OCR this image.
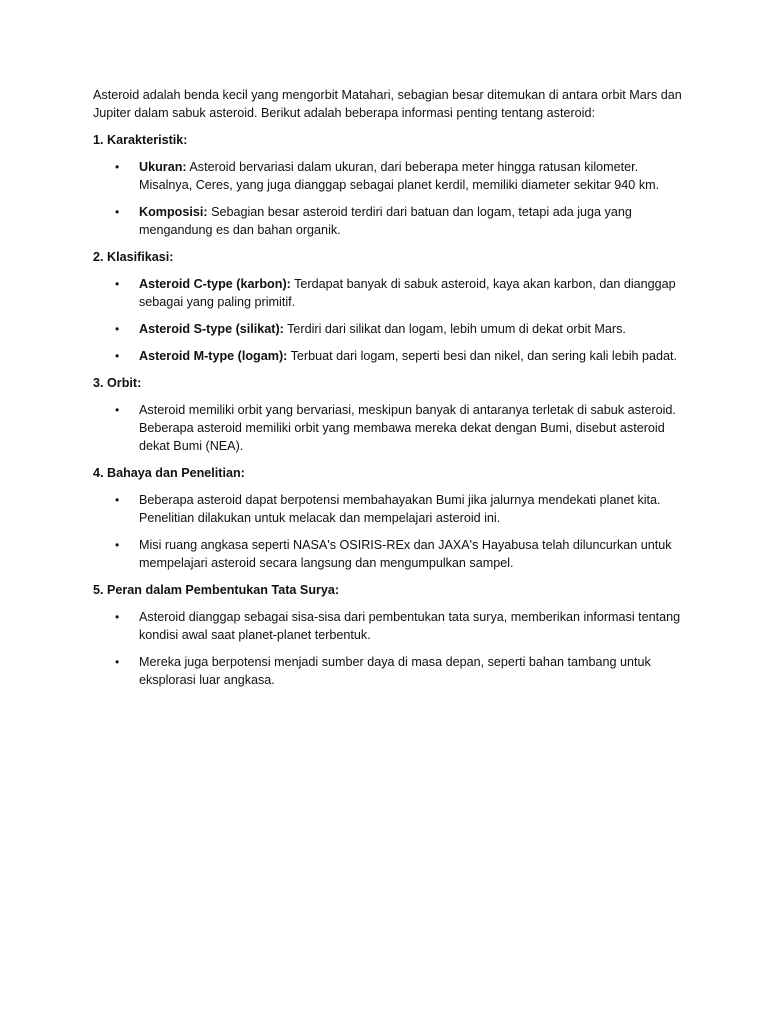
Asteroid adalah benda kecil yang mengorbit Matahari, sebagian besar ditemukan di antara orbit Mars dan Jupiter dalam sabuk asteroid. Berikut adalah beberapa informasi penting tentang asteroid:

1. Karakteristik:

• Ukuran: Asteroid bervariasi dalam ukuran, dari beberapa meter hingga ratusan kilometer. Misalnya, Ceres, yang juga dianggap sebagai planet kerdil, memiliki diameter sekitar 940 km.
• Komposisi: Sebagian besar asteroid terdiri dari batuan dan logam, tetapi ada juga yang mengandung es dan bahan organik.

2. Klasifikasi:

• Asteroid C-type (karbon): Terdapat banyak di sabuk asteroid, kaya akan karbon, dan dianggap sebagai yang paling primitif.
• Asteroid S-type (silikat): Terdiri dari silikat dan logam, lebih umum di dekat orbit Mars.
• Asteroid M-type (logam): Terbuat dari logam, seperti besi dan nikel, dan sering kali lebih padat.

3. Orbit:

• Asteroid memiliki orbit yang bervariasi, meskipun banyak di antaranya terletak di sabuk asteroid. Beberapa asteroid memiliki orbit yang membawa mereka dekat dengan Bumi, disebut asteroid dekat Bumi (NEA).

4. Bahaya dan Penelitian:

• Beberapa asteroid dapat berpotensi membahayakan Bumi jika jalurnya mendekati planet kita. Penelitian dilakukan untuk melacak dan mempelajari asteroid ini.
• Misi ruang angkasa seperti NASA's OSIRIS-REx dan JAXA's Hayabusa telah diluncurkan untuk mempelajari asteroid secara langsung dan mengumpulkan sampel.

5. Peran dalam Pembentukan Tata Surya:

• Asteroid dianggap sebagai sisa-sisa dari pembentukan tata surya, memberikan informasi tentang kondisi awal saat planet-planet terbentuk.
• Mereka juga berpotensi menjadi sumber daya di masa depan, seperti bahan tambang untuk eksplorasi luar angkasa.
